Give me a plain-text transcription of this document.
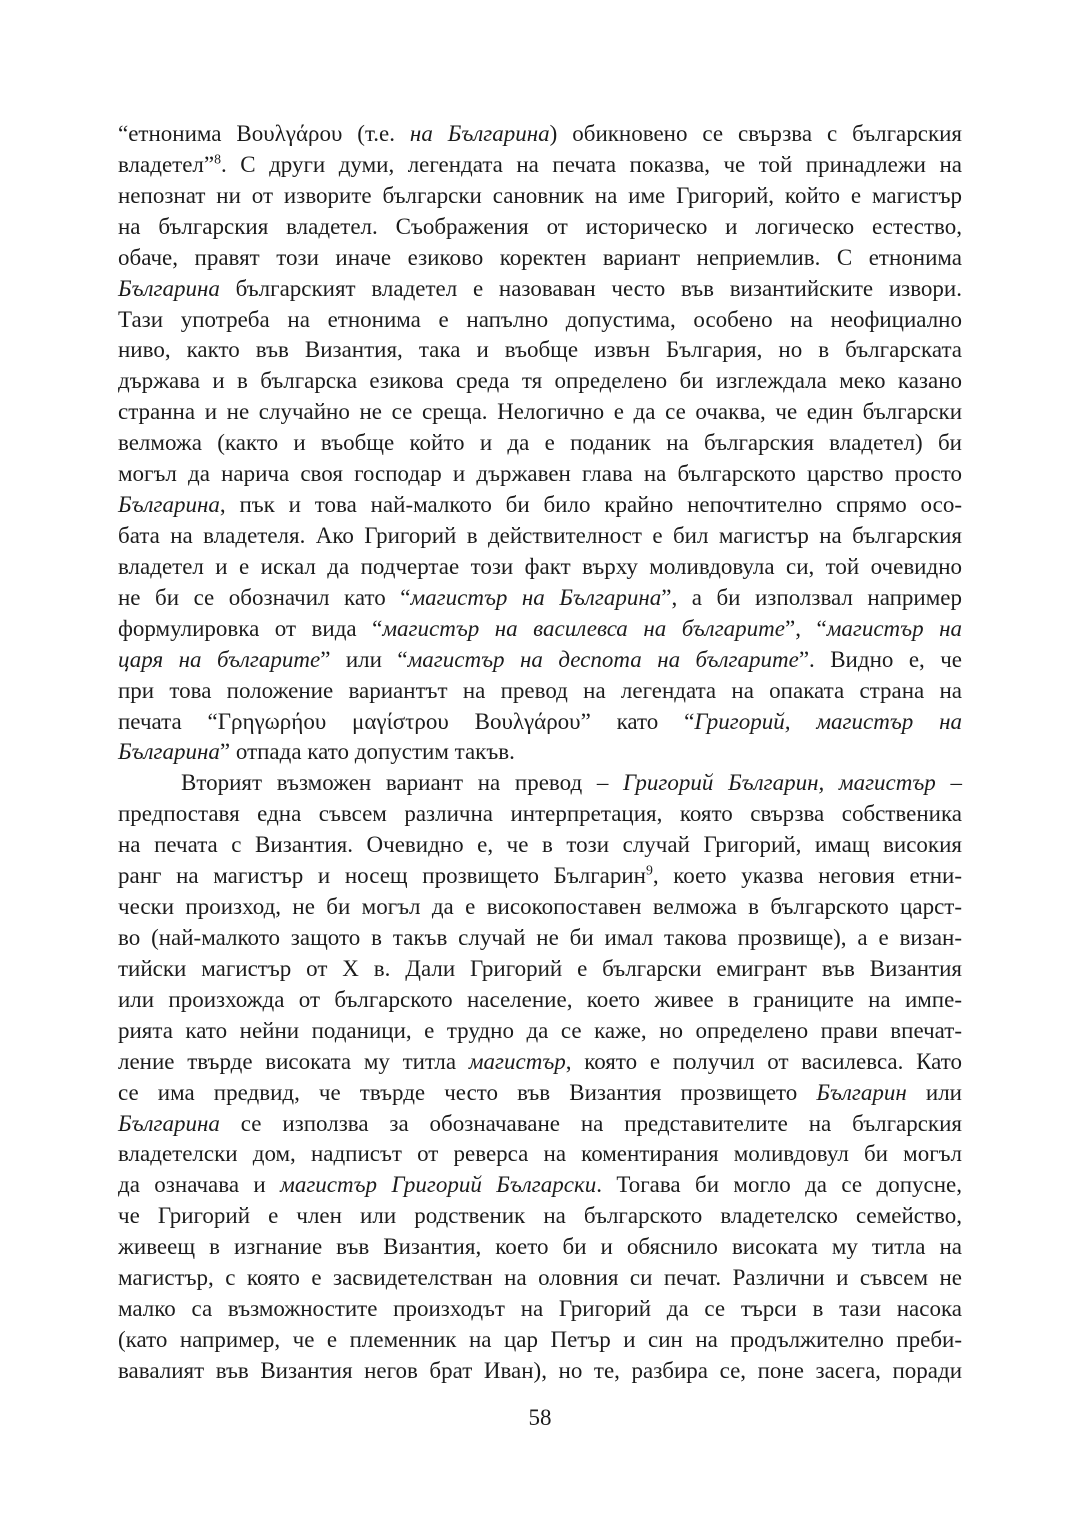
“етнонима Βουλγάρου (т.е. на Българина) обикновено се свързва с българския
владетел”$^8$. С други думи, легендата на печата показва, че той принадлежи на
непознат ни от изворите български сановник на име Григорий, който е магистър
на българския владетел. Съображения от историческо и логическо естество,
обаче, правят този иначе езиково коректен вариант неприемлив. С етнонима
Българина българският владетел е назоваван често във византийските извори.
Тази употреба на етнонима е напълно допустима, особено на неофициално
ниво, както във Византия, така и въобще извън България, но в българската
държава и в българска езикова среда тя определено би изглеждала меко казано
странна и не случайно не се среща. Нелогично е да се очаква, че един български
велможа (както и въобще който и да е поданик на българския владетел) би
могъл да нарича своя господар и държавен глава на българското царство просто
Българина, пък и това най-малкото би било крайно непочтително спрямо осо-
бата на владетеля. Ако Григорий в действителност е бил магистър на българския
владетел и е искал да подчертае този факт върху моливдовула си, той очевидно
не би се обозначил като “магистър на Българина”, а би използвал например
формулировка от вида “магистър на василевса на българите”, “магистър на
царя на българите” или “магистър на деспота на българите”. Видно е, че
при това положение вариантът на превод на легендата на опаката страна на
печата “Γρηγωρήου μαγίστρου Βουλγάρου” като “Григорий, магистър на
Българина” отпада като допустим такъв.
Вторият възможен вариант на превод – Григорий Българин, магистър –
предпоставя една съвсем различна интерпретация, която свързва собственика
на печата с Византия. Очевидно е, че в този случай Григорий, имащ високия
ранг на магистър и носещ прозвището Българин$^9$, което указва неговия етни-
чески произход, не би могъл да е високопоставен велможа в българското царст-
во (най-малкото защото в такъв случай не би имал такова прозвище), а е визан-
тийски магистър от Х в. Дали Григорий е български емигрант във Византия
или произхожда от българското население, което живее в границите на импе-
рията като нейни поданици, е трудно да се каже, но определено прави впечат-
ление твърде високата му титла магистър, която е получил от василевса. Като
се има предвид, че твърде често във Византия прозвището Българин или
Българина се използва за обозначаване на представителите на българския
владетелски дом, надписът от реверса на коментирания моливдовул би могъл
да означава и магистър Григорий Български. Тогава би могло да се допусне,
че Григорий е член или родственик на българското владетелско семейство,
живеещ в изгнание във Византия, което би и обяснило високата му титла на
магистър, с която е засвидетелстван на оловния си печат. Различни и съвсем не
малко са възможностите произходът на Григорий да се търси в тази насока
(като например, че е племенник на цар Петър и син на продължително преби-
вавалият във Византия негов брат Иван), но те, разбира се, поне засега, поради
58
